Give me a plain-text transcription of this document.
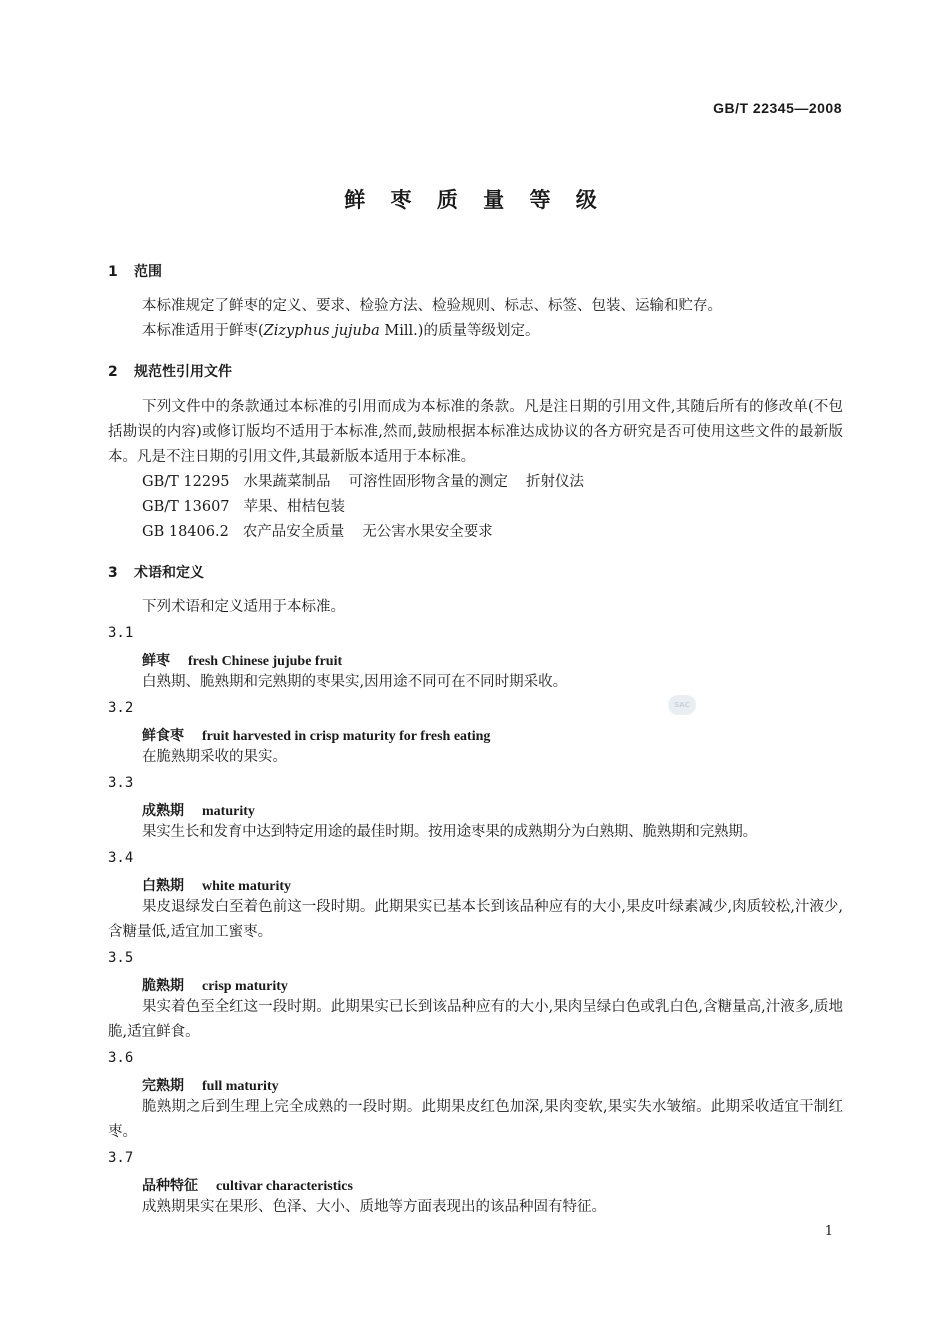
GB/T 22345—2008
鲜 枣 质 量 等 级
SAC
1 范围
本标准规定了鲜枣的定义、要求、检验方法、检验规则、标志、标签、包装、运输和贮存。
本标准适用于鲜枣(Zizyphus jujuba Mill.)的质量等级划定。
2 规范性引用文件
下列文件中的条款通过本标准的引用而成为本标准的条款。凡是注日期的引用文件,其随后所有的修改单(不包括勘误的内容)或修订版均不适用于本标准,然而,鼓励根据本标准达成协议的各方研究是否可使用这些文件的最新版本。凡是不注日期的引用文件,其最新版本适用于本标准。
GB/T 12295 水果蔬菜制品 可溶性固形物含量的测定 折射仪法
GB/T 13607 苹果、柑桔包装
GB 18406.2 农产品安全质量 无公害水果安全要求
3 术语和定义
下列术语和定义适用于本标准。
3.1
鲜枣 fresh Chinese jujube fruit
白熟期、脆熟期和完熟期的枣果实,因用途不同可在不同时期采收。
3.2
鲜食枣 fruit harvested in crisp maturity for fresh eating
在脆熟期采收的果实。
3.3
成熟期 maturity
果实生长和发育中达到特定用途的最佳时期。按用途枣果的成熟期分为白熟期、脆熟期和完熟期。
3.4
白熟期 white maturity
果皮退绿发白至着色前这一段时期。此期果实已基本长到该品种应有的大小,果皮叶绿素减少,肉质较松,汁液少,含糖量低,适宜加工蜜枣。
3.5
脆熟期 crisp maturity
果实着色至全红这一段时期。此期果实已长到该品种应有的大小,果肉呈绿白色或乳白色,含糖量高,汁液多,质地脆,适宜鲜食。
3.6
完熟期 full maturity
脆熟期之后到生理上完全成熟的一段时期。此期果皮红色加深,果肉变软,果实失水皱缩。此期采收适宜干制红枣。
3.7
品种特征 cultivar characteristics
成熟期果实在果形、色泽、大小、质地等方面表现出的该品种固有特征。
1
